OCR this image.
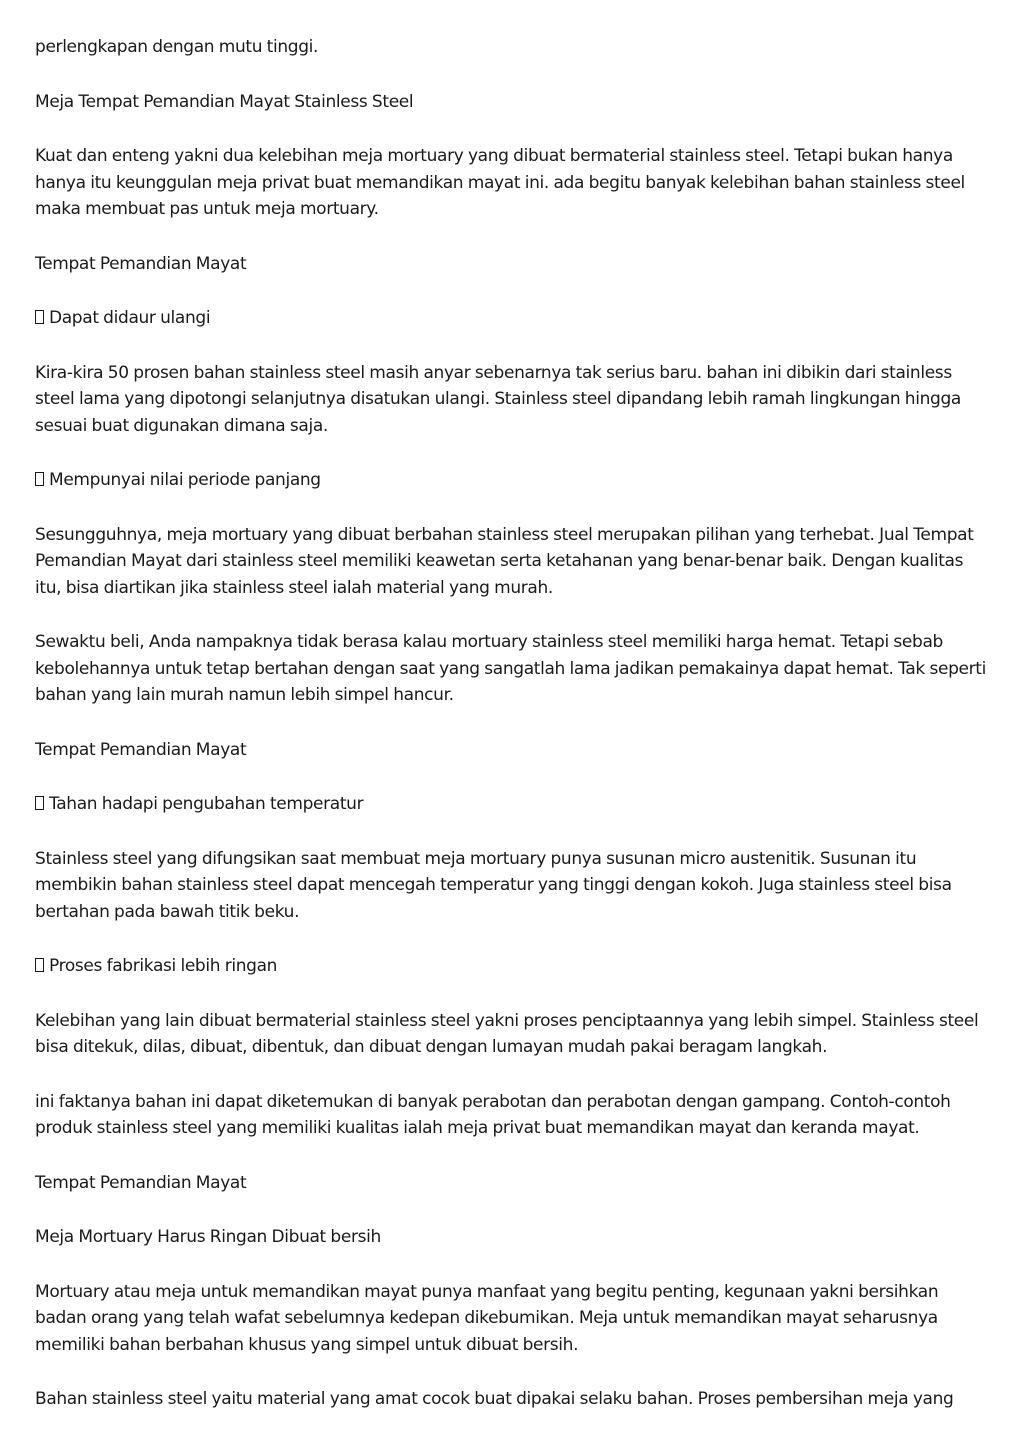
perlengkapan dengan mutu tinggi.

Meja Tempat Pemandian Mayat Stainless Steel

Kuat dan enteng yakni dua kelebihan meja mortuary yang dibuat bermaterial stainless steel. Tetapi bukan hanya hanya itu keunggulan meja privat buat memandikan mayat ini. ada begitu banyak kelebihan bahan stainless steel maka membuat pas untuk meja mortuary.

Tempat Pemandian Mayat

Dapat didaur ulangi

Kira-kira 50 prosen bahan stainless steel masih anyar sebenarnya tak serius baru. bahan ini dibikin dari stainless steel lama yang dipotongi selanjutnya disatukan ulangi. Stainless steel dipandang lebih ramah lingkungan hingga sesuai buat digunakan dimana saja.

Mempunyai nilai periode panjang

Sesungguhnya, meja mortuary yang dibuat berbahan stainless steel merupakan pilihan yang terhebat. Jual Tempat Pemandian Mayat dari stainless steel memiliki keawetan serta ketahanan yang benar-benar baik. Dengan kualitas itu, bisa diartikan jika stainless steel ialah material yang murah.

Sewaktu beli, Anda nampaknya tidak berasa kalau mortuary stainless steel memiliki harga hemat. Tetapi sebab kebolehannya untuk tetap bertahan dengan saat yang sangatlah lama jadikan pemakainya dapat hemat. Tak seperti bahan yang lain murah namun lebih simpel hancur.

Tempat Pemandian Mayat

Tahan hadapi pengubahan temperatur

Stainless steel yang difungsikan saat membuat meja mortuary punya susunan micro austenitik. Susunan itu membikin bahan stainless steel dapat mencegah temperatur yang tinggi dengan kokoh. Juga stainless steel bisa bertahan pada bawah titik beku.

Proses fabrikasi lebih ringan

Kelebihan yang lain dibuat bermaterial stainless steel yakni proses penciptaannya yang lebih simpel. Stainless steel bisa ditekuk, dilas, dibuat, dibentuk, dan dibuat dengan lumayan mudah pakai beragam langkah.

ini faktanya bahan ini dapat diketemukan di banyak perabotan dan perabotan dengan gampang. Contoh-contoh produk stainless steel yang memiliki kualitas ialah meja privat buat memandikan mayat dan keranda mayat.

Tempat Pemandian Mayat

Meja Mortuary Harus Ringan Dibuat bersih

Mortuary atau meja untuk memandikan mayat punya manfaat yang begitu penting, kegunaan yakni bersihkan badan orang yang telah wafat sebelumnya kedepan dikebumikan. Meja untuk memandikan mayat seharusnya memiliki bahan berbahan khusus yang simpel untuk dibuat bersih.

Bahan stainless steel yaitu material yang amat cocok buat dipakai selaku bahan. Proses pembersihan meja yang
